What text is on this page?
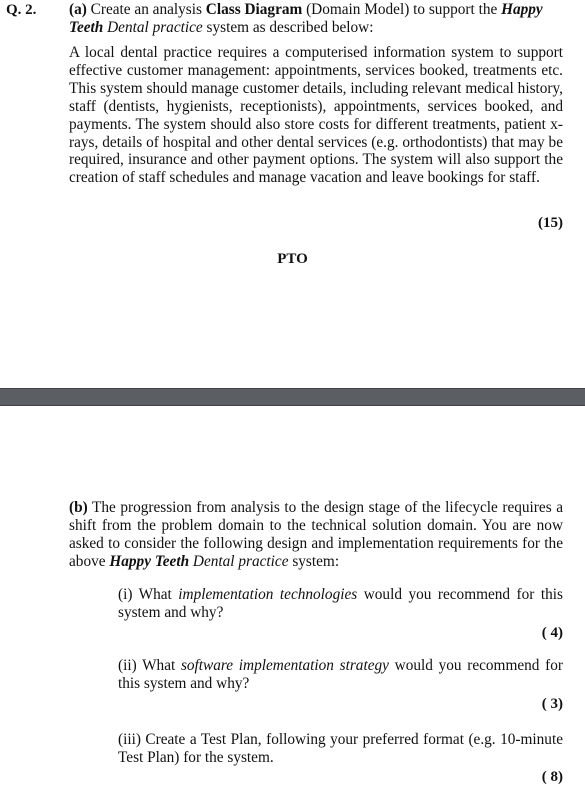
Q. 2. (a) Create an analysis Class Diagram (Domain Model) to support the Happy Teeth Dental practice system as described below:
A local dental practice requires a computerised information system to support effective customer management: appointments, services booked, treatments etc. This system should manage customer details, including relevant medical history, staff (dentists, hygienists, receptionists), appointments, services booked, and payments. The system should also store costs for different treatments, patient x-rays, details of hospital and other dental services (e.g. orthodontists) that may be required, insurance and other payment options. The system will also support the creation of staff schedules and manage vacation and leave bookings for staff.
(15)
PTO
(b) The progression from analysis to the design stage of the lifecycle requires a shift from the problem domain to the technical solution domain. You are now asked to consider the following design and implementation requirements for the above Happy Teeth Dental practice system:
(i) What implementation technologies would you recommend for this system and why?
( 4)
(ii) What software implementation strategy would you recommend for this system and why?
( 3)
(iii) Create a Test Plan, following your preferred format (e.g. 10-minute Test Plan) for the system.
( 8)
